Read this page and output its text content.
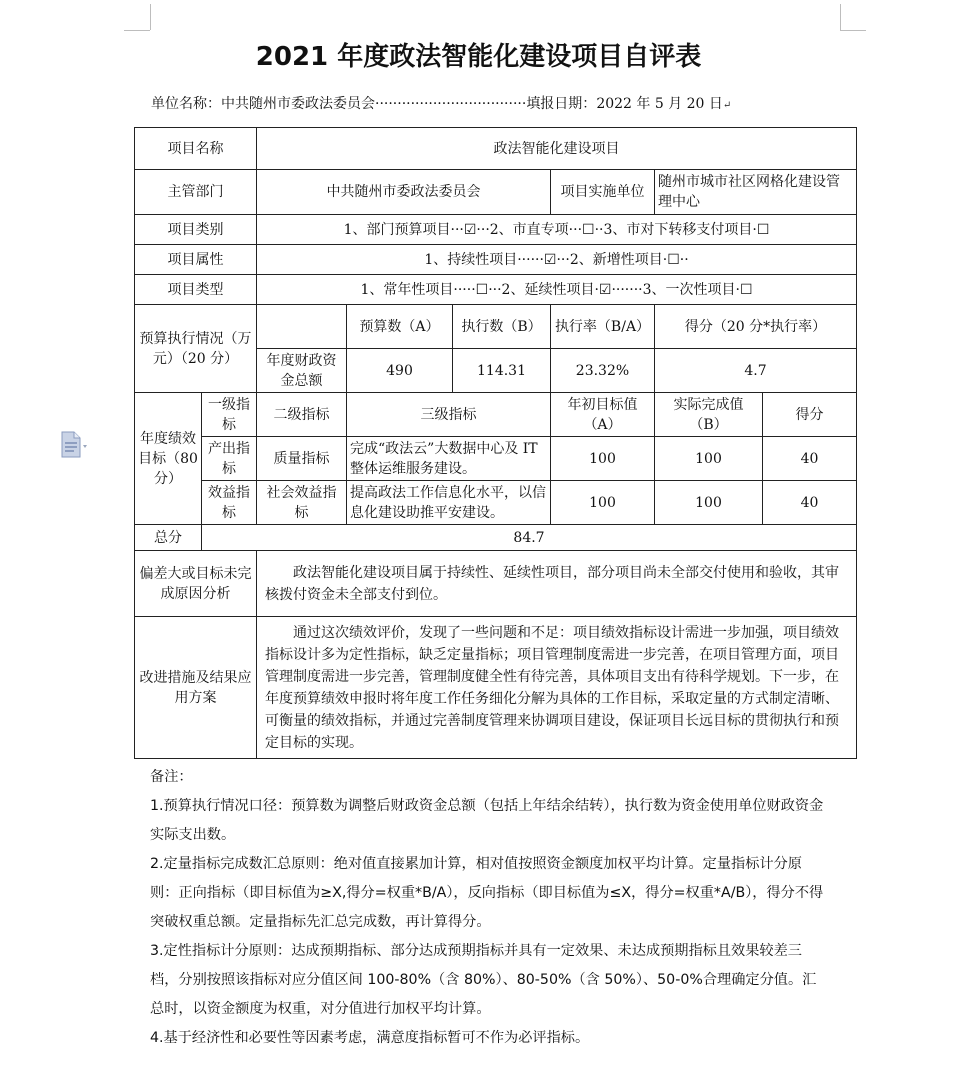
2021 年度政法智能化建设项目自评表
单位名称：中共随州市委政法委员会··································填报日期：2022 年 5 月 20 日↵
项目名称		政法智能化建设项目					
主管部门		中共随州市委政法委员会			项目实施单位	随州市城市社区网格化建设管理中心	
项目类别		1、部门预算项目···☑···2、市直专项···☐··3、市对下转移支付项目·☐					
项目属性		1、持续性项目······☑···2、新增性项目·☐··					
项目类型		1、常年性项目·····☐···2、延续性项目·☑·······3、一次性项目·☐					
预算执行情况（万元）（20 分）			预算数（A）	执行数（B）	执行率（B/A）	得分（20 分*执行率）	
		年度财政资金总额	490	114.31	23.32%	4.7	
年度绩效目标（80 分）	一级指标	二级指标	三级指标		年初目标值（A）	实际完成值（B）	得分
	产出指标	质量指标	完成“政法云”大数据中心及 IT 整体运维服务建设。		100	100	40
	效益指标	社会效益指标	提高政法工作信息化水平，以信息化建设助推平安建设。		100	100	40
总分	84.7						
偏差大或目标未完成原因分析		政法智能化建设项目属于持续性、延续性项目，部分项目尚未全部交付使用和验收，其审核拨付资金未全部支付到位。					
改进措施及结果应用方案		通过这次绩效评价，发现了一些问题和不足：项目绩效指标设计需进一步加强，项目绩效指标设计多为定性指标，缺乏定量指标；项目管理制度需进一步完善，在项目管理方面，项目管理制度需进一步完善，管理制度健全性有待完善，具体项目支出有待科学规划。下一步，在年度预算绩效申报时将年度工作任务细化分解为具体的工作目标，采取定量的方式制定清晰、可衡量的绩效指标，并通过完善制度管理来协调项目建设，保证项目长远目标的贯彻执行和预定目标的实现。					

备注：

1.预算执行情况口径：预算数为调整后财政资金总额（包括上年结余结转），执行数为资金使用单位财政资金实际支出数。

2.定量指标完成数汇总原则：绝对值直接累加计算，相对值按照资金额度加权平均计算。定量指标计分原则：正向指标（即目标值为≥X,得分=权重*B/A），反向指标（即目标值为≤X，得分=权重*A/B），得分不得突破权重总额。定量指标先汇总完成数，再计算得分。

3.定性指标计分原则：达成预期指标、部分达成预期指标并具有一定效果、未达成预期指标且效果较差三档，分别按照该指标对应分值区间 100-80%（含 80%）、80-50%（含 50%）、50-0%合理确定分值。汇总时，以资金额度为权重，对分值进行加权平均计算。

4.基于经济性和必要性等因素考虑，满意度指标暂可不作为必评指标。
